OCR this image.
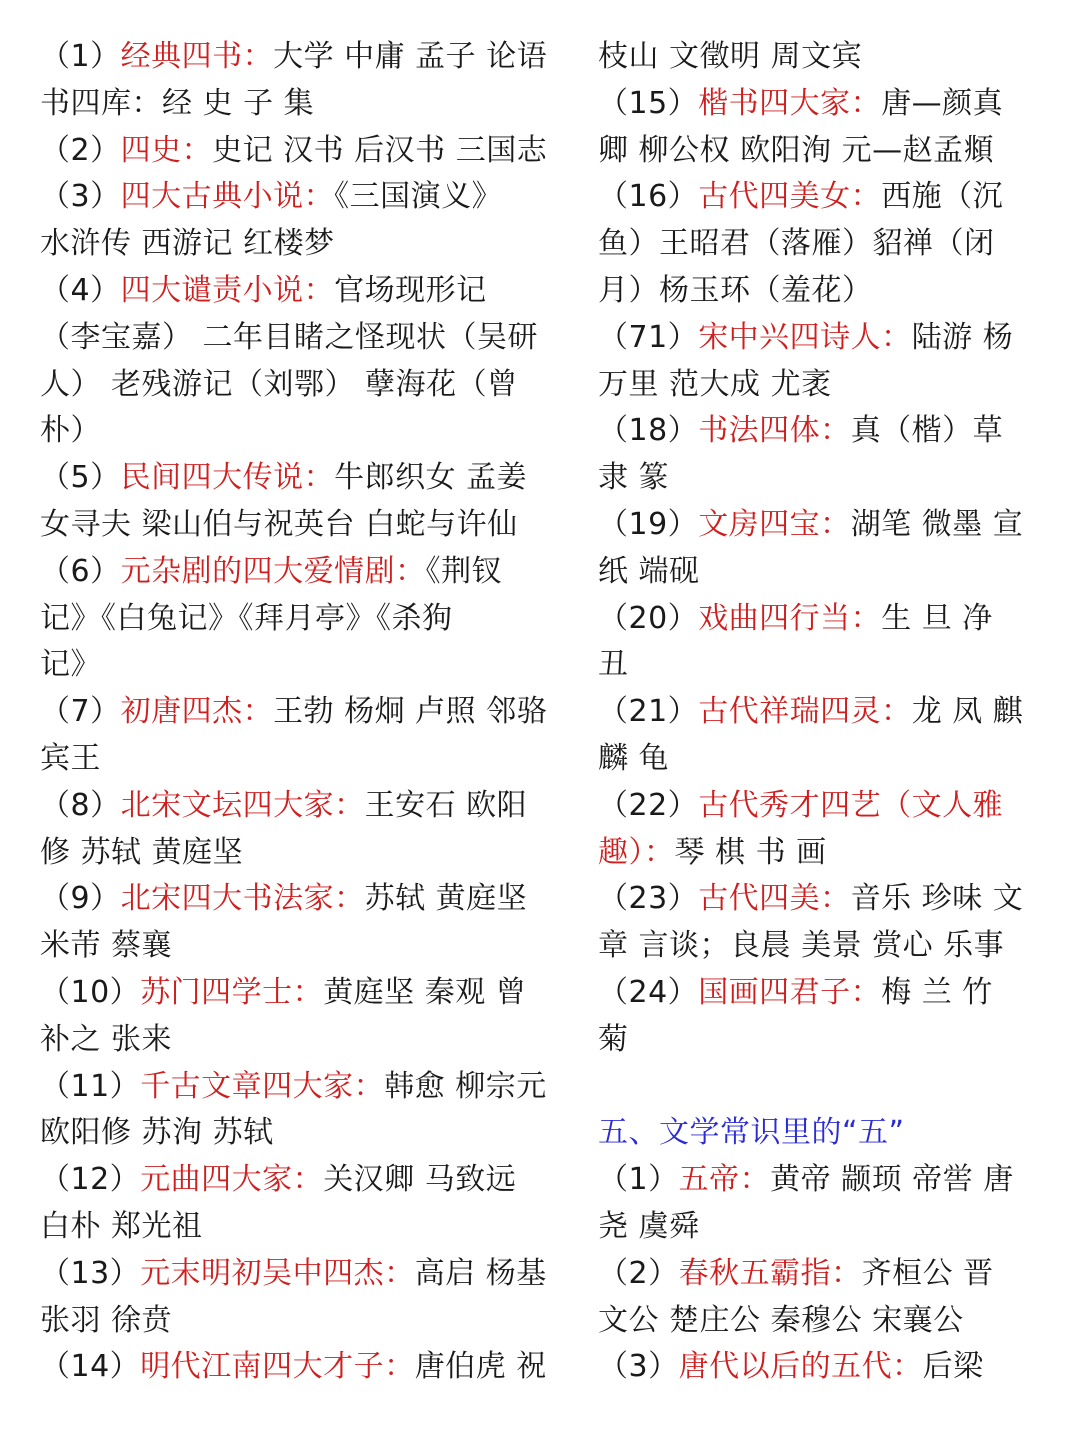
（1）经典四书：大学 中庸 孟子 论语
书四库：经 史 子 集
（2）四史：史记 汉书 后汉书 三国志
（3）四大古典小说：《三国演义》
水浒传 西游记 红楼梦
（4）四大谴责小说：官场现形记
（李宝嘉） 二年目睹之怪现状（吴研
人） 老残游记（刘鄂） 孽海花（曾
朴）
（5）民间四大传说：牛郎织女 孟姜
女寻夫 梁山伯与祝英台 白蛇与许仙
（6）元杂剧的四大爱情剧：《荆钗
记》《白兔记》《拜月亭》《杀狗
记》
（7）初唐四杰：王勃 杨炯 卢照 邻骆
宾王
（8）北宋文坛四大家：王安石 欧阳
修 苏轼 黄庭坚
（9）北宋四大书法家：苏轼 黄庭坚
米芾 蔡襄
（10）苏门四学士：黄庭坚 秦观 曾
补之 张来
（11）千古文章四大家：韩愈 柳宗元
欧阳修 苏洵 苏轼
（12）元曲四大家：关汉卿 马致远
白朴 郑光祖
（13）元末明初吴中四杰：高启 杨基
张羽 徐贲
（14）明代江南四大才子：唐伯虎 祝
枝山 文徵明 周文宾
（15）楷书四大家：唐—颜真
卿 柳公权 欧阳洵 元—赵孟頫
（16）古代四美女：西施（沉
鱼）王昭君（落雁）貂禅（闭
月）杨玉环（羞花）
（71）宋中兴四诗人：陆游 杨
万里 范大成 尤袤
（18）书法四体：真（楷）草
隶 篆
（19）文房四宝：湖笔 微墨 宣
纸 端砚
（20）戏曲四行当：生 旦 净
丑
（21）古代祥瑞四灵：龙 凤 麒
麟 龟
（22）古代秀才四艺（文人雅
趣）：琴 棋 书 画
（23）古代四美：音乐 珍味 文
章 言谈；良晨 美景 赏心 乐事
（24）国画四君子：梅 兰 竹
菊
五、文学常识里的“五”
（1）五帝：黄帝 颛顼 帝喾 唐
尧 虞舜
（2）春秋五霸指：齐桓公 晋
文公 楚庄公 秦穆公 宋襄公
（3）唐代以后的五代：后梁
